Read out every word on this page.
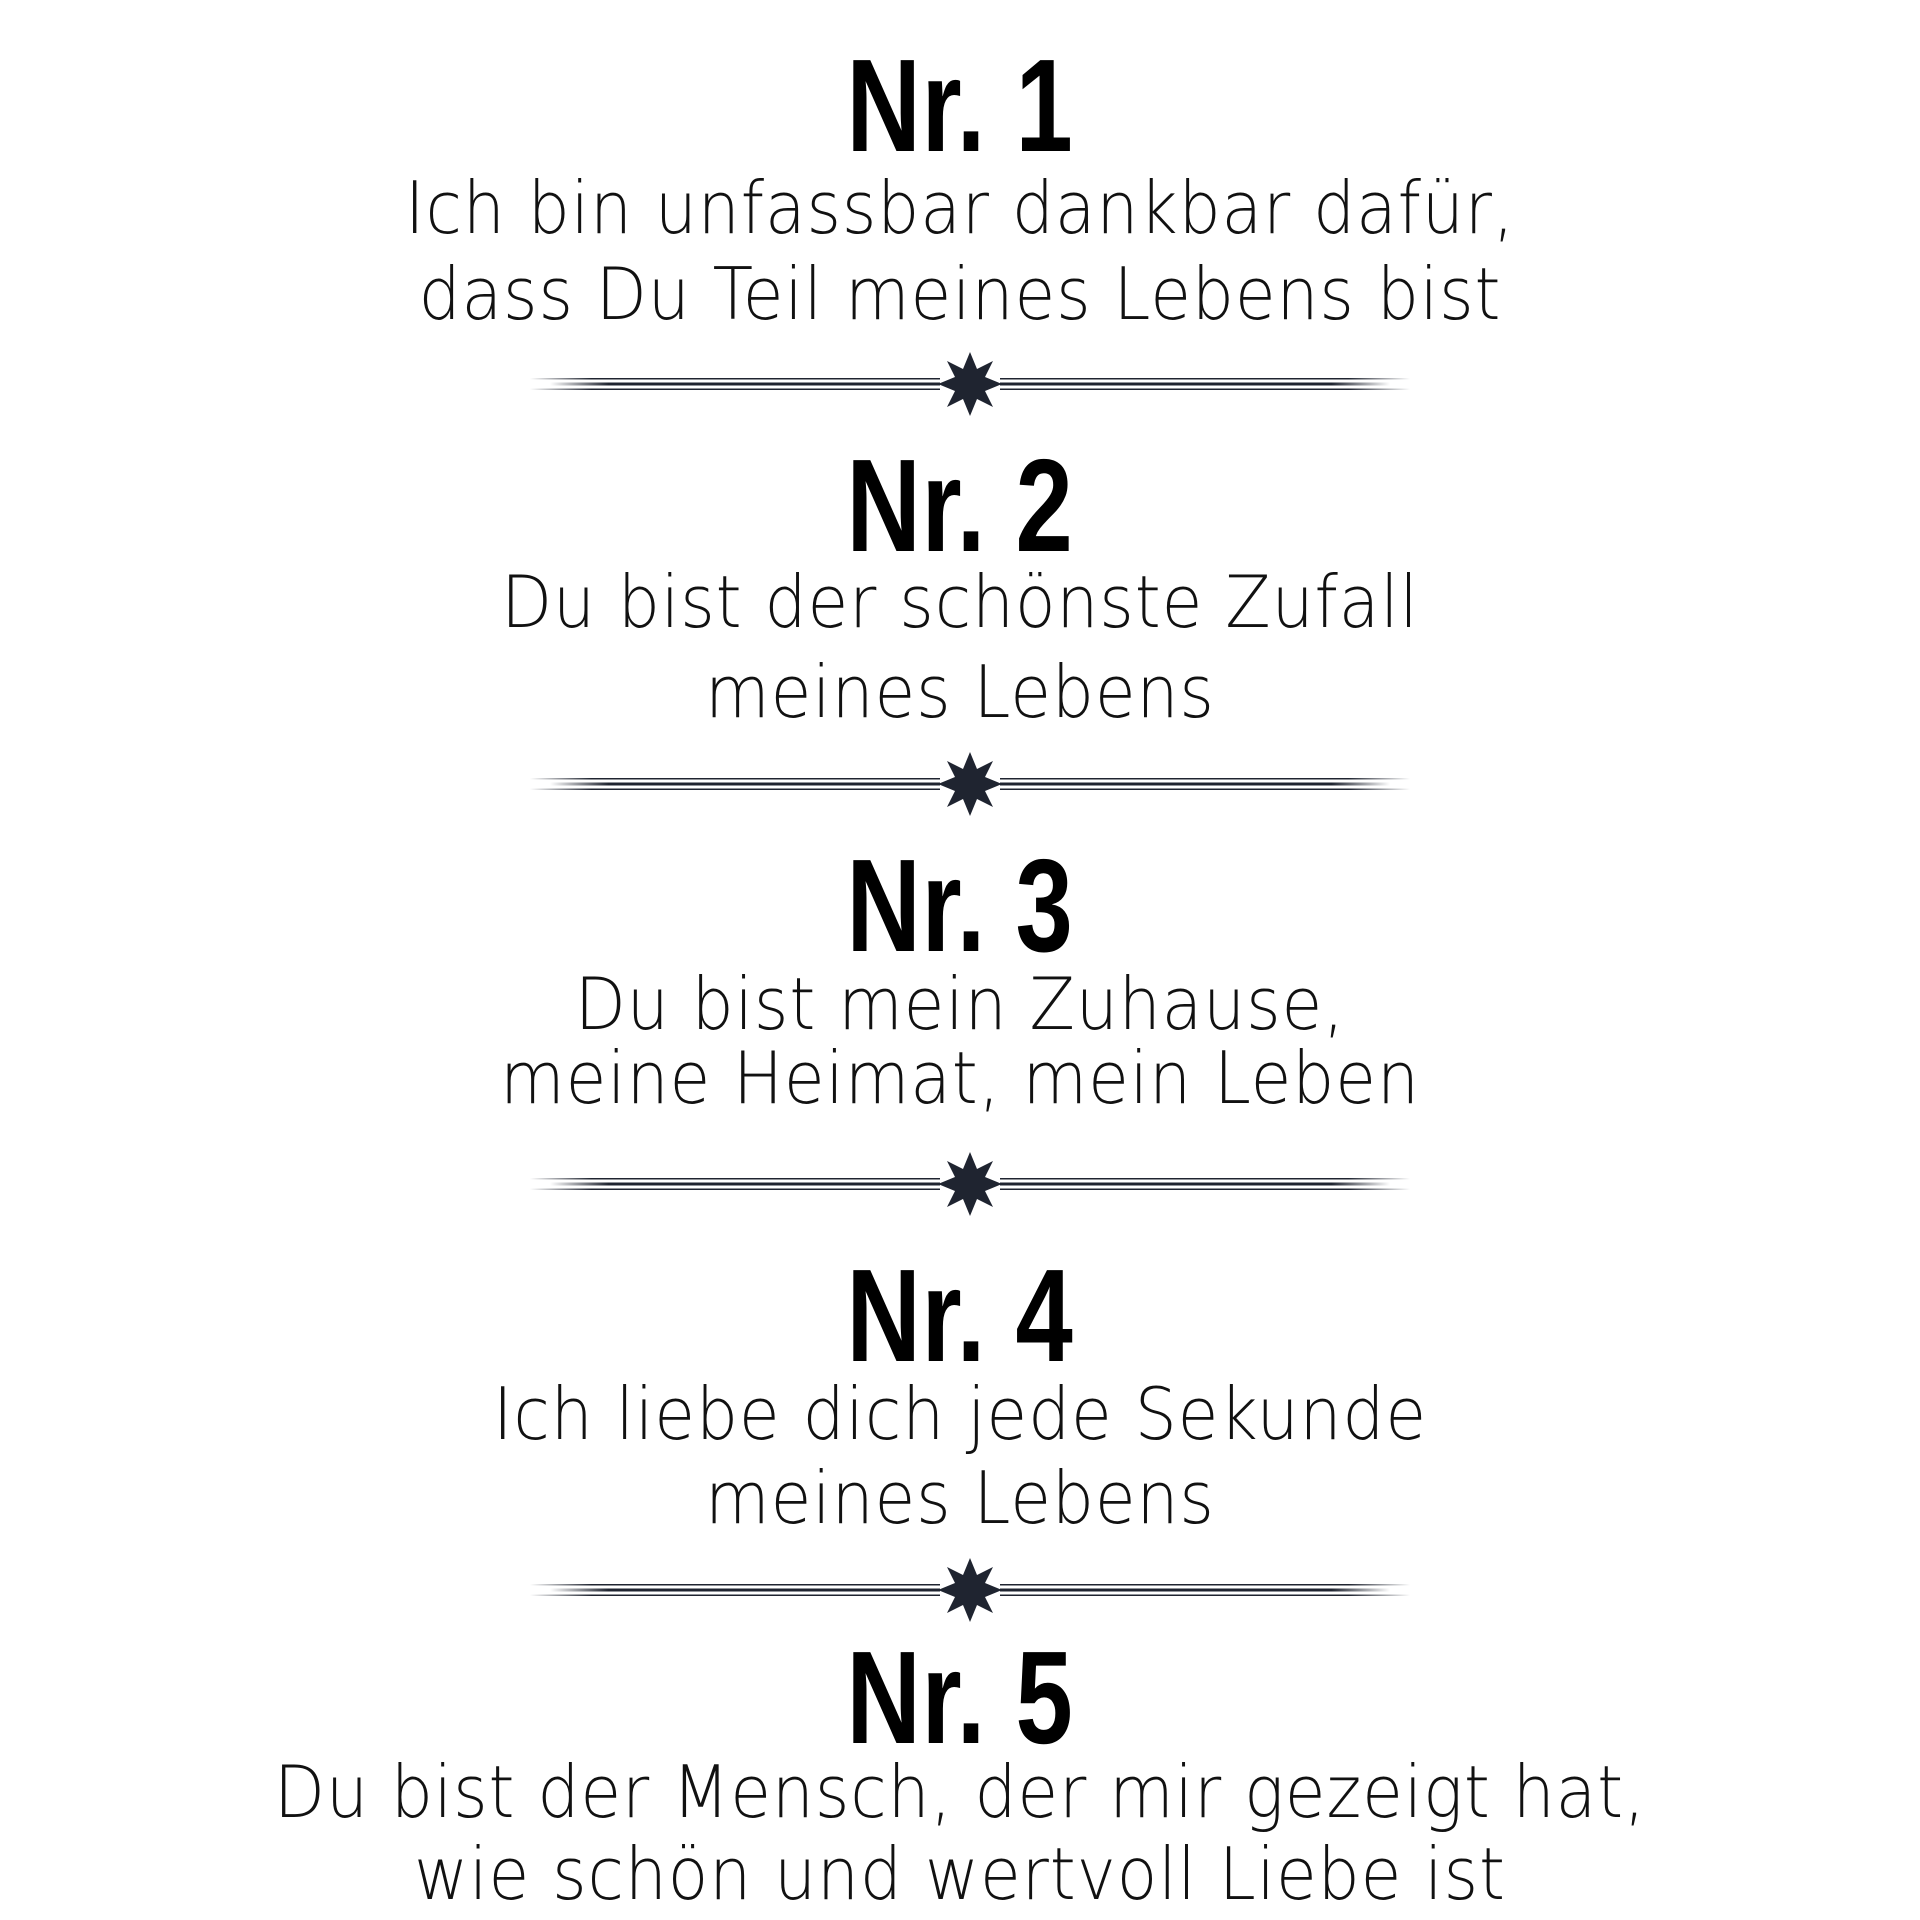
Nr. 1
Ich bin unfassbar dankbar dafür,
dass Du Teil meines Lebens bist
Nr. 2
Du bist der schönste Zufall
meines Lebens
Nr. 3
Du bist mein Zuhause,
meine Heimat, mein Leben
Nr. 4
Ich liebe dich jede Sekunde
meines Lebens
Nr. 5
Du bist der Mensch, der mir gezeigt hat,
wie schön und wertvoll Liebe ist
